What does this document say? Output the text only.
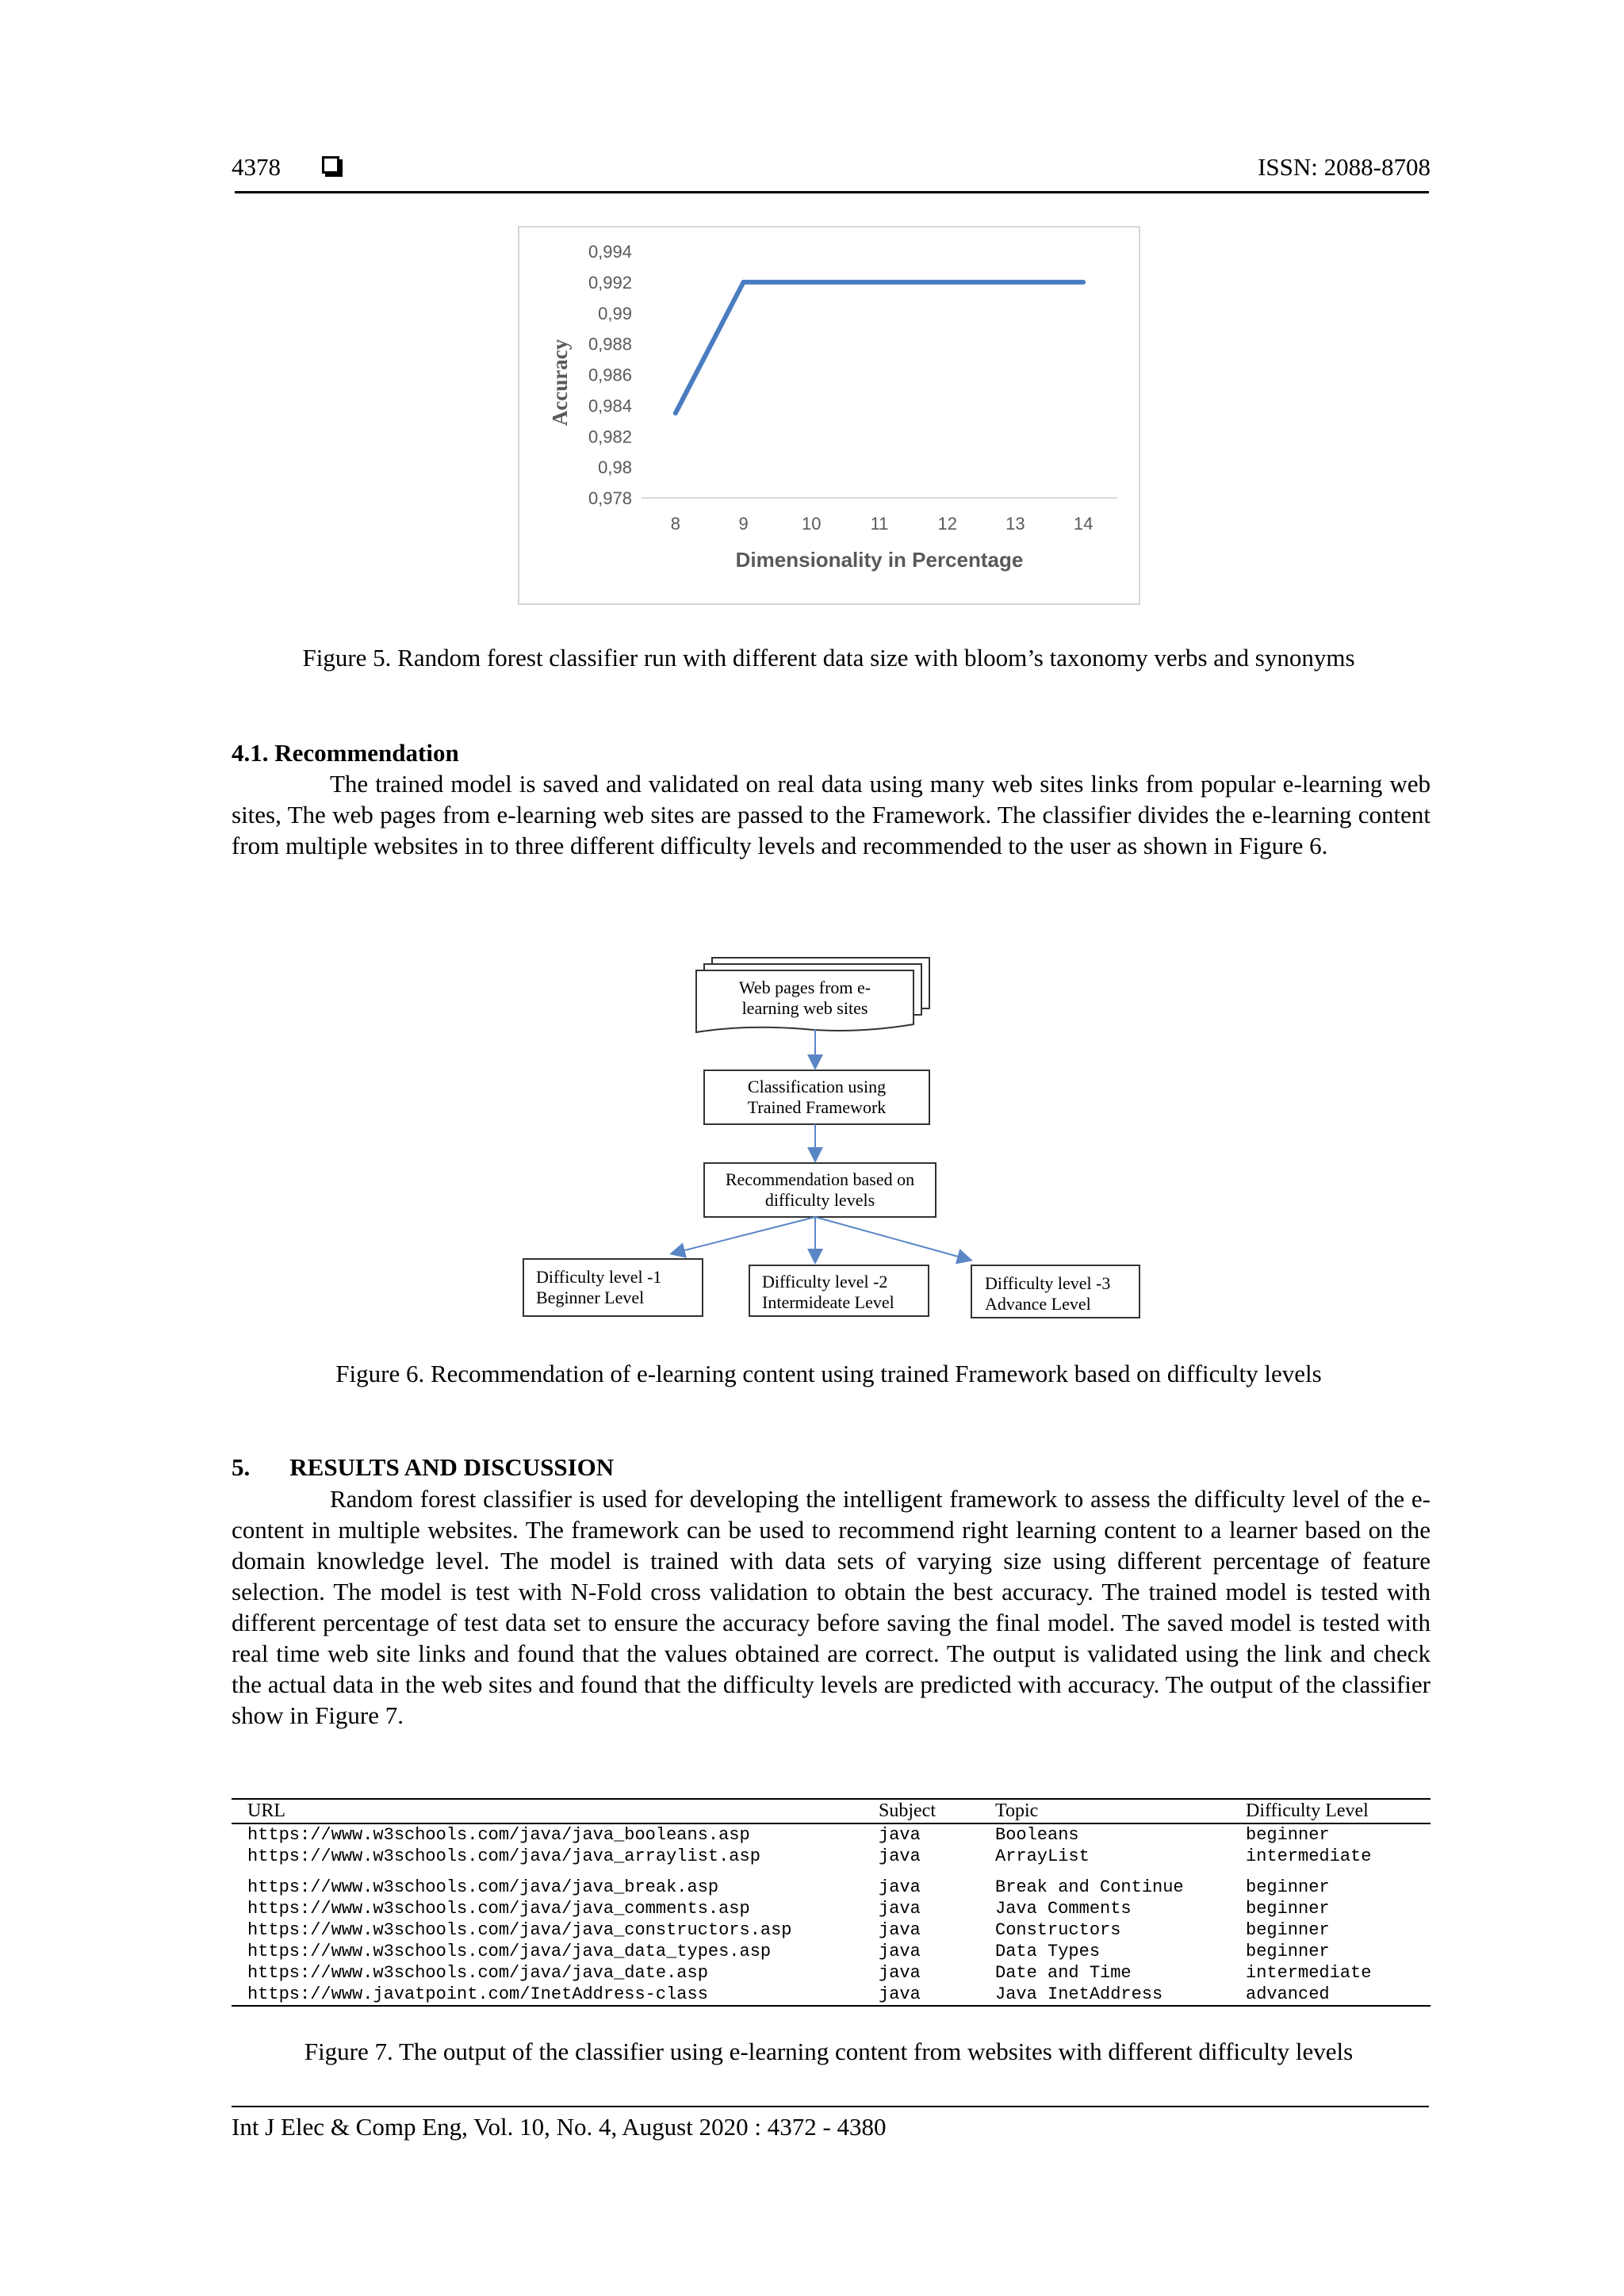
4378	ISSN: 2088-8708
0,978
0,98
0,982
0,984
0,986
0,988
0,99
0,992
0,994
8	9	10	11	12	13	14
Dimensionality in Percentage
Accuracy
Figure 5. Random forest classifier run with different data size with bloom’s taxonomy verbs and synonyms
4.1. Recommendation
The trained model is saved and validated on real data using many web sites links from popular e-learning web sites, The web pages from e-learning web sites are passed to the Framework. The classifier divides the e-learning content from multiple websites in to three different difficulty levels and recommended to the user as shown in Figure 6.
Web pages from e-
learning web sites
Classification using
Trained Framework
Recommendation based on
difficulty levels
Difficulty level -1
Beginner Level
Difficulty level -2
Intermideate Level
Difficulty level -3
Advance Level
Figure 6. Recommendation of e-learning content using trained Framework based on difficulty levels
5. RESULTS AND DISCUSSION
Random forest classifier is used for developing the intelligent framework to assess the difficulty level of the e-content in multiple websites. The framework can be used to recommend right learning content to a learner based on the domain knowledge level. The model is trained with data sets of varying size using different percentage of feature selection. The model is test with N-Fold cross validation to obtain the best accuracy. The trained model is tested with different percentage of test data set to ensure the accuracy before saving the final model. The saved model is tested with real time web site links and found that the values obtained are correct. The output is validated using the link and check the actual data in the web sites and found that the difficulty levels are predicted with accuracy. The output of the classifier show in Figure 7.
URL	Subject	Topic	Difficulty Level
https://www.w3schools.com/java/java_booleans.asp	java	Booleans	beginner
https://www.w3schools.com/java/java_arraylist.asp	java	ArrayList	intermediate
https://www.w3schools.com/java/java_break.asp	java	Break and Continue	beginner
https://www.w3schools.com/java/java_comments.asp	java	Java Comments	beginner
https://www.w3schools.com/java/java_constructors.asp	java	Constructors	beginner
https://www.w3schools.com/java/java_data_types.asp	java	Data Types	beginner
https://www.w3schools.com/java/java_date.asp	java	Date and Time	intermediate
https://www.javatpoint.com/InetAddress-class	java	Java InetAddress	advanced
Figure 7. The output of the classifier using e-learning content from websites with different difficulty levels
Int J Elec & Comp Eng, Vol. 10, No. 4, August 2020 : 4372 - 4380
